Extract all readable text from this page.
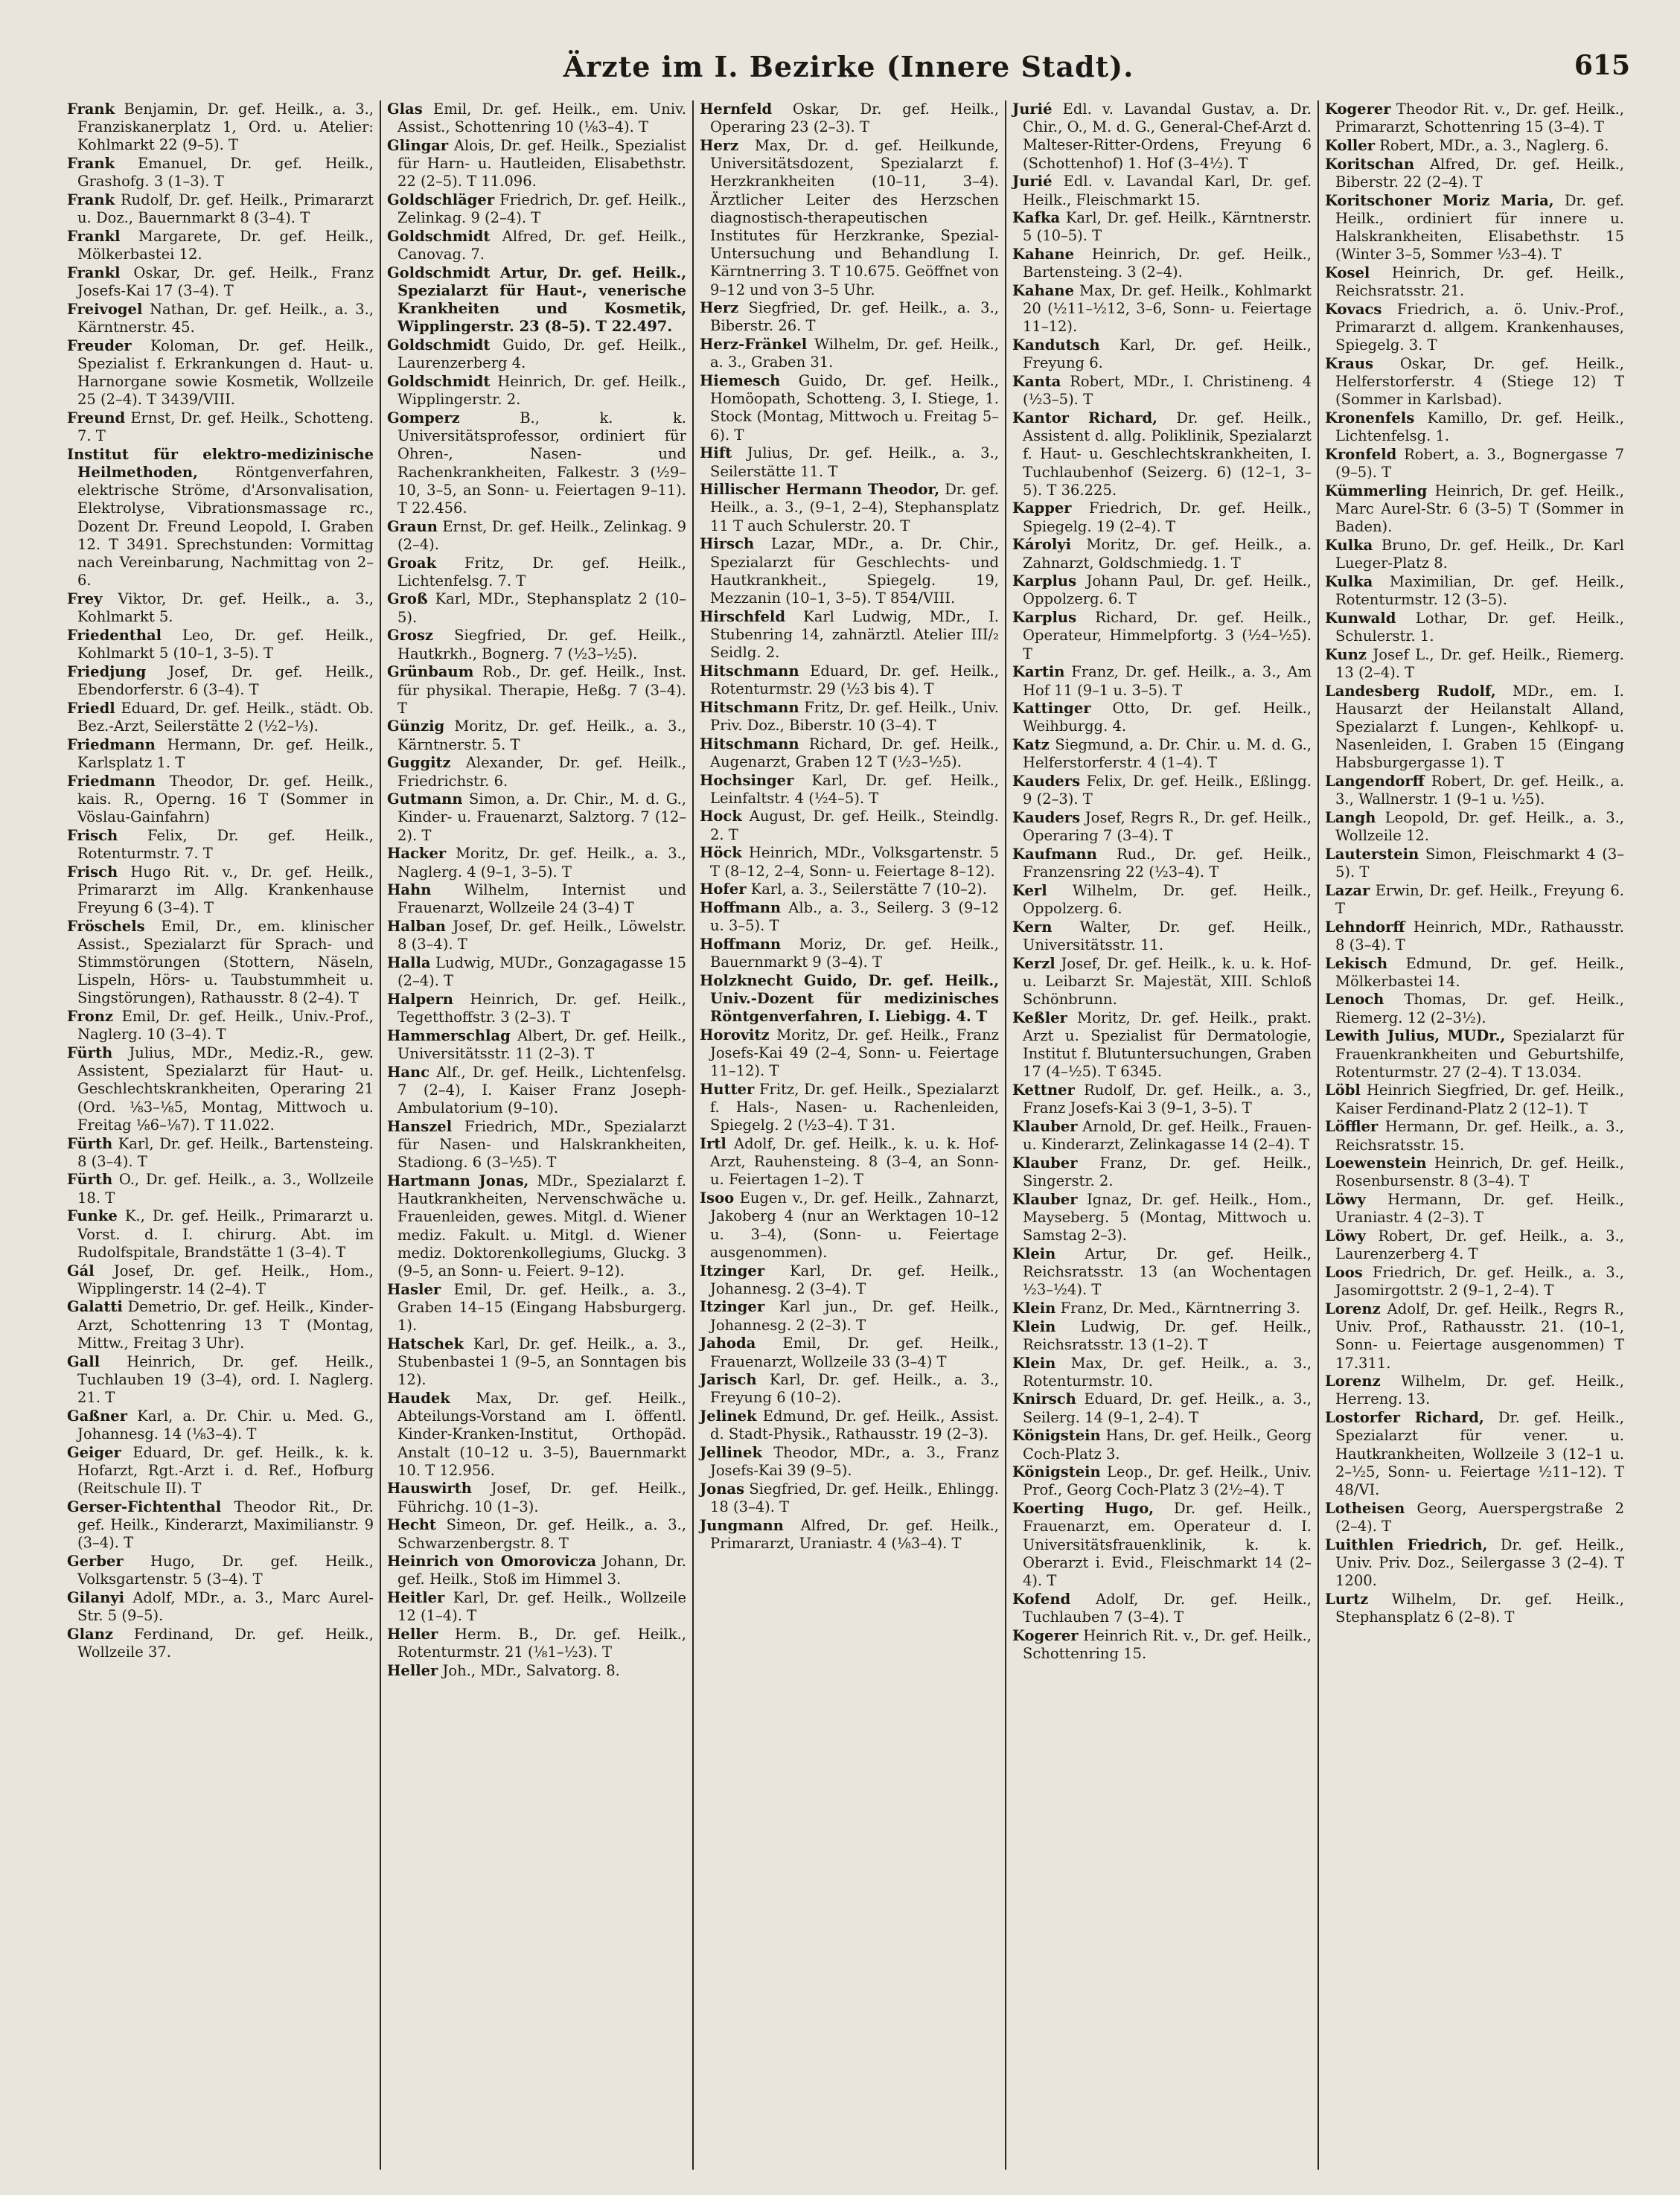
Ärzte im I. Bezirke (Innere Stadt).	615
Frank Benjamin, Dr. gef. Heilk., a. 3., Franziskanerplatz 1, Ord. u. Atelier: Kohlmarkt 22 (9–5). T
Frank Emanuel, Dr. gef. Heilk., Grashofg. 3 (1–3). T
Frank Rudolf, Dr. gef. Heilk., Primararzt u. Doz., Bauernmarkt 8 (3–4). T
Frankl Margarete, Dr. gef. Heilk., Mölkerbastei 12.
Frankl Oskar, Dr. gef. Heilk., Franz Josefs-Kai 17 (3–4). T
Freivogel Nathan, Dr. gef. Heilk., a. 3., Kärntnerstr. 45.
Freuder Koloman, Dr. gef. Heilk., Spezialist f. Erkrankungen d. Haut- u. Harnorgane sowie Kosmetik, Wollzeile 25 (2–4). T 3439/VIII.
Freund Ernst, Dr. gef. Heilk., Schotteng. 7. T
Institut für elektro-medizinische Heilmethoden,	Röntgenverfahren, elektrische Ströme, d'Arsonvalisation, Elektrolyse, Vibrationsmassage rc., Dozent Dr. Freund Leopold, I. Graben 12. T 3491. Sprechstunden: Vormittag nach Vereinbarung, Nachmittag von 2–6.
Frey Viktor, Dr. gef. Heilk., a. 3., Kohlmarkt 5.
Friedenthal Leo, Dr. gef. Heilk., Kohlmarkt 5 (10–1, 3–5). T
Friedjung Josef, Dr. gef. Heilk., Ebendorferstr. 6 (3–4). T
Friedl Eduard, Dr. gef. Heilk., städt. Ob. Bez.-Arzt, Seilerstätte 2 (½2–⅓).
Friedmann Hermann, Dr. gef. Heilk., Karlsplatz 1. T
Friedmann Theodor, Dr. gef. Heilk., kais. R., Operng. 16 T (Sommer in Vöslau-Gainfahrn)
Frisch Felix, Dr. gef. Heilk., Rotenturmstr. 7. T
Frisch Hugo Rit. v., Dr. gef. Heilk., Primararzt im Allg. Krankenhause Freyung 6 (3–4). T
Fröschels Emil, Dr., em. klinischer Assist., Spezialarzt für Sprach- und Stimmstörungen (Stottern, Näseln, Lispeln, Hörs- u. Taubstummheit u. Singstörungen), Rathausstr. 8 (2–4). T
Fronz Emil, Dr. gef. Heilk., Univ.-Prof., Naglerg. 10 (3–4). T
Fürth Julius, MDr., Mediz.-R., gew. Assistent, Spezialarzt für Haut- u. Geschlechtskrankheiten, Operaring 21 (Ord. ⅛3–⅛5, Montag, Mittwoch u. Freitag ⅛6–⅛7). T 11.022.
Fürth Karl, Dr. gef. Heilk., Bartensteing. 8 (3–4). T
Fürth O., Dr. gef. Heilk., a. 3., Wollzeile 18. T
Funke K., Dr. gef. Heilk., Primararzt u. Vorst. d. I. chirurg. Abt. im Rudolfspitale, Brandstätte 1 (3–4). T
Gál Josef, Dr. gef. Heilk., Hom., Wipplingerstr. 14 (2–4). T
Galatti Demetrio, Dr. gef. Heilk., Kinder-Arzt, Schottenring 13 T (Montag, Mittw., Freitag 3 Uhr).
Gall Heinrich, Dr. gef. Heilk., Tuchlauben 19 (3–4), ord. I. Naglerg. 21. T
Gaßner Karl, a. Dr. Chir. u. Med. G., Johannesg. 14 (⅛3–4). T
Geiger Eduard, Dr. gef. Heilk., k. k. Hofarzt, Rgt.-Arzt i. d. Ref., Hofburg (Reitschule II). T
Gerser-Fichtenthal Theodor Rit., Dr. gef. Heilk., Kinderarzt, Maximilianstr. 9 (3–4). T
Gerber Hugo, Dr. gef. Heilk., Volksgartenstr. 5 (3–4). T
Gilanyi Adolf, MDr., a. 3., Marc Aurel-Str. 5 (9–5).
Glanz Ferdinand, Dr. gef. Heilk., Wollzeile 37.
Glas Emil, Dr. gef. Heilk., em. Univ. Assist., Schottenring 10 (⅛3–4). T
Glingar Alois, Dr. gef. Heilk., Spezialist für Harn- u. Hautleiden, Elisabethstr. 22 (2–5). T 11.096.
Goldschläger Friedrich, Dr. gef. Heilk., Zelinkag. 9 (2–4). T
Goldschmidt Alfred, Dr. gef. Heilk., Canovag. 7.
Goldschmidt Artur, Dr. gef. Heilk., Spezialarzt für Haut-, venerische Krankheiten und Kosmetik, Wipplingerstr. 23 (8–5). T 22.497.
Goldschmidt Guido, Dr. gef. Heilk., Laurenzerberg 4.
Goldschmidt Heinrich, Dr. gef. Heilk., Wipplingerstr. 2.
Gomperz	B., k. k. Universitätsprofessor, ordiniert für Ohren-, Nasen- und Rachenkrankheiten, Falkestr. 3 (½9–10, 3–5, an Sonn- u. Feiertagen 9–11). T 22.456.
Graun Ernst, Dr. gef. Heilk., Zelinkag. 9 (2–4).
Groak Fritz, Dr. gef. Heilk., Lichtenfelsg. 7. T
Groß Karl, MDr., Stephansplatz 2 (10–5).
Grosz Siegfried, Dr. gef. Heilk., Hautkrkh., Bognerg. 7 (½3–½5).
Grünbaum Rob., Dr. gef. Heilk., Inst. für physikal. Therapie, Heßg. 7 (3–4). T
Günzig Moritz, Dr. gef. Heilk., a. 3., Kärntnerstr. 5. T
Guggitz Alexander, Dr. gef. Heilk., Friedrichstr. 6.
Gutmann Simon, a. Dr. Chir., M. d. G., Kinder- u. Frauenarzt, Salztorg. 7 (12–2). T
Hacker Moritz, Dr. gef. Heilk., a. 3., Naglerg. 4 (9–1, 3–5). T
Hahn Wilhelm, Internist und Frauenarzt, Wollzeile 24 (3–4) T
Halban Josef, Dr. gef. Heilk., Löwelstr. 8 (3–4). T
Halla Ludwig, MUDr., Gonzagagasse 15 (2–4). T
Halpern Heinrich, Dr. gef. Heilk., Tegetthoffstr. 3 (2–3). T
Hammerschlag Albert, Dr. gef. Heilk., Universitätsstr. 11 (2–3). T
Hanc Alf., Dr. gef. Heilk., Lichtenfelsg. 7 (2–4), I. Kaiser Franz Joseph-Ambulatorium (9–10).
Hanszel Friedrich, MDr., Spezialarzt für Nasen- und Halskrankheiten, Stadiong. 6 (3–½5). T
Hartmann Jonas, MDr., Spezialarzt f. Hautkrankheiten, Nervenschwäche u. Frauenleiden, gewes. Mitgl. d. Wiener mediz. Fakult. u. Mitgl. d. Wiener mediz. Doktorenkollegiums, Gluckg. 3 (9–5, an Sonn- u. Feiert. 9–12).
Hasler Emil, Dr. gef. Heilk., a. 3., Graben 14–15 (Eingang Habsburgerg. 1).
Hatschek Karl, Dr. gef. Heilk., a. 3., Stubenbastei 1 (9–5, an Sonntagen bis 12).
Haudek Max, Dr. gef. Heilk., Abteilungs-Vorstand am I. öffentl. Kinder-Kranken-Institut, Orthopäd. Anstalt (10–12 u. 3–5), Bauernmarkt 10. T 12.956.
Hauswirth Josef, Dr. gef. Heilk., Führichg. 10 (1–3).
Hecht Simeon, Dr. gef. Heilk., a. 3., Schwarzenbergstr. 8. T
Heinrich von Omorovicza Johann, Dr. gef. Heilk., Stoß im Himmel 3.
Heitler Karl, Dr. gef. Heilk., Wollzeile 12 (1–4). T
Heller Herm. B., Dr. gef. Heilk., Rotenturmstr. 21 (⅛1–½3). T
Heller Joh., MDr., Salvatorg. 8.
Hernfeld Oskar, Dr. gef. Heilk., Operaring 23 (2–3). T
Herz Max, Dr. d. gef. Heilkunde, Universitätsdozent, Spezialarzt f. Herzkrankheiten (10–11, 3–4). Ärztlicher Leiter des Herzschen diagnostisch-therapeutischen Institutes für Herzkranke, Spezial-Untersuchung und Behandlung I. Kärntnerring 3. T 10.675. Geöffnet von 9–12 und von 3–5 Uhr.
Herz Siegfried, Dr. gef. Heilk., a. 3., Biberstr. 26. T
Herz-Fränkel Wilhelm, Dr. gef. Heilk., a. 3., Graben 31.
Hiemesch Guido, Dr. gef. Heilk., Homöopath, Schotteng. 3, I. Stiege, 1. Stock (Montag, Mittwoch u. Freitag 5–6). T
Hift Julius, Dr. gef. Heilk., a. 3., Seilerstätte 11. T
Hillischer Hermann Theodor, Dr. gef. Heilk., a. 3., (9–1, 2–4), Stephansplatz 11 T auch Schulerstr. 20. T
Hirsch Lazar, MDr., a. Dr. Chir., Spezialarzt für Geschlechts- und Hautkrankheit., Spiegelg. 19, Mezzanin (10–1, 3–5). T 854/VIII.
Hirschfeld Karl Ludwig, MDr., I. Stubenring 14, zahnärztl. Atelier III/₂ Seidlg. 2.
Hitschmann Eduard, Dr. gef. Heilk., Rotenturmstr. 29 (½3 bis 4). T
Hitschmann Fritz, Dr. gef. Heilk., Univ. Priv. Doz., Biberstr. 10 (3–4). T
Hitschmann Richard, Dr. gef. Heilk., Augenarzt, Graben 12 T (½3–½5).
Hochsinger Karl, Dr. gef. Heilk., Leinfaltstr. 4 (½4–5). T
Hock August, Dr. gef. Heilk., Steindlg. 2. T
Höck Heinrich, MDr., Volksgartenstr. 5 T (8–12, 2–4, Sonn- u. Feiertage 8–12).
Hofer Karl, a. 3., Seilerstätte 7 (10–2).
Hoffmann Alb., a. 3., Seilerg. 3 (9–12 u. 3–5). T
Hoffmann Moriz, Dr. gef. Heilk., Bauernmarkt 9 (3–4). T
Holzknecht Guido, Dr. gef. Heilk., Univ.-Dozent für medizinisches Röntgenverfahren, I. Liebigg. 4. T
Horovitz Moritz, Dr. gef. Heilk., Franz Josefs-Kai 49 (2–4, Sonn- u. Feiertage 11–12). T
Hutter Fritz, Dr. gef. Heilk., Spezialarzt f. Hals-, Nasen- u. Rachenleiden, Spiegelg. 2 (½3–4). T 31.
Irtl Adolf, Dr. gef. Heilk., k. u. k. Hof-Arzt, Rauhensteing. 8 (3–4, an Sonn- u. Feiertagen 1–2). T
Isoo Eugen v., Dr. gef. Heilk., Zahnarzt, Jakoberg 4 (nur an Werktagen 10–12 u. 3–4), (Sonn- u. Feiertage ausgenommen).
Itzinger Karl, Dr. gef. Heilk., Johannesg. 2 (3–4). T
Itzinger Karl jun., Dr. gef. Heilk., Johannesg. 2 (2–3). T
Jahoda Emil, Dr. gef. Heilk., Frauenarzt, Wollzeile 33 (3–4) T
Jarisch Karl, Dr. gef. Heilk., a. 3., Freyung 6 (10–2).
Jelinek Edmund, Dr. gef. Heilk., Assist. d. Stadt-Physik., Rathausstr. 19 (2–3).
Jellinek Theodor, MDr., a. 3., Franz Josefs-Kai 39 (9–5).
Jonas Siegfried, Dr. gef. Heilk., Ehlingg. 18 (3–4). T
Jungmann Alfred, Dr. gef. Heilk., Primararzt, Uraniastr. 4 (⅛3–4). T
Jurié Edl. v. Lavandal Gustav, a. Dr. Chir., O., M. d. G., General-Chef-Arzt d. Malteser-Ritter-Ordens, Freyung 6 (Schottenhof) 1. Hof (3–4½). T
Jurié Edl. v. Lavandal Karl, Dr. gef. Heilk., Fleischmarkt 15.
Kafka Karl, Dr. gef. Heilk., Kärntnerstr. 5 (10–5). T
Kahane Heinrich, Dr. gef. Heilk., Bartensteing. 3 (2–4).
Kahane Max, Dr. gef. Heilk., Kohlmarkt 20 (½11–½12, 3–6, Sonn- u. Feiertage 11–12).
Kandutsch Karl, Dr. gef. Heilk., Freyung 6.
Kanta Robert, MDr., I. Christineng. 4 (½3–5). T
Kantor Richard, Dr. gef. Heilk., Assistent d. allg. Poliklinik, Spezialarzt f. Haut- u. Geschlechtskrankheiten, I. Tuchlaubenhof (Seizerg. 6) (12–1, 3–5). T 36.225.
Kapper Friedrich, Dr. gef. Heilk., Spiegelg. 19 (2–4). T
Károlyi Moritz, Dr. gef. Heilk., a. Zahnarzt, Goldschmiedg. 1. T
Karplus Johann Paul, Dr. gef. Heilk., Oppolzerg. 6. T
Karplus Richard, Dr. gef. Heilk., Operateur, Himmelpfortg. 3 (½4–½5). T
Kartin Franz, Dr. gef. Heilk., a. 3., Am Hof 11 (9–1 u. 3–5). T
Kattinger Otto, Dr. gef. Heilk., Weihburgg. 4.
Katz Siegmund, a. Dr. Chir. u. M. d. G., Helferstorferstr. 4 (1–4). T
Kauders Felix, Dr. gef. Heilk., Eßlingg. 9 (2–3). T
Kauders Josef, Regrs R., Dr. gef. Heilk., Operaring 7 (3–4). T
Kaufmann Rud., Dr. gef. Heilk., Franzensring 22 (½3–4). T
Kerl Wilhelm, Dr. gef. Heilk., Oppolzerg. 6.
Kern Walter, Dr. gef. Heilk., Universitätsstr. 11.
Kerzl Josef, Dr. gef. Heilk., k. u. k. Hof- u. Leibarzt Sr. Majestät, XIII. Schloß Schönbrunn.
Keßler Moritz, Dr. gef. Heilk., prakt. Arzt u. Spezialist für Dermatologie, Institut f. Blutuntersuchungen, Graben 17 (4–½5). T 6345.
Kettner Rudolf, Dr. gef. Heilk., a. 3., Franz Josefs-Kai 3 (9–1, 3–5). T
Klauber Arnold, Dr. gef. Heilk., Frauen- u. Kinderarzt, Zelinkagasse 14 (2–4). T
Klauber Franz, Dr. gef. Heilk., Singerstr. 2.
Klauber Ignaz, Dr. gef. Heilk., Hom., Mayseberg. 5 (Montag, Mittwoch u. Samstag 2–3).
Klein Artur, Dr. gef. Heilk., Reichsratsstr. 13 (an Wochentagen ½3–½4). T
Klein Franz, Dr. Med., Kärntnerring 3.
Klein Ludwig, Dr. gef. Heilk., Reichsratsstr. 13 (1–2). T
Klein Max, Dr. gef. Heilk., a. 3., Rotenturmstr. 10.
Knirsch Eduard, Dr. gef. Heilk., a. 3., Seilerg. 14 (9–1, 2–4). T
Königstein Hans, Dr. gef. Heilk., Georg Coch-Platz 3.
Königstein Leop., Dr. gef. Heilk., Univ. Prof., Georg Coch-Platz 3 (2½–4). T
Koerting Hugo, Dr. gef. Heilk., Frauenarzt, em. Operateur d. I. Universitätsfrauenklinik, k. k. Oberarzt i. Evid., Fleischmarkt 14 (2–4). T
Kofend Adolf, Dr. gef. Heilk., Tuchlauben 7 (3–4). T
Kogerer Heinrich Rit. v., Dr. gef. Heilk., Schottenring 15.
Kogerer Theodor Rit. v., Dr. gef. Heilk., Primararzt, Schottenring 15 (3–4). T
Koller Robert, MDr., a. 3., Naglerg. 6.
Koritschan Alfred, Dr. gef. Heilk., Biberstr. 22 (2–4). T
Koritschoner Moriz Maria, Dr. gef. Heilk., ordiniert für innere u. Halskrankheiten, Elisabethstr. 15 (Winter 3–5, Sommer ½3–4). T
Kosel Heinrich, Dr. gef. Heilk., Reichsratsstr. 21.
Kovacs Friedrich, a. ö. Univ.-Prof., Primararzt d. allgem. Krankenhauses, Spiegelg. 3. T
Kraus Oskar, Dr. gef. Heilk., Helferstorferstr. 4 (Stiege 12) T (Sommer in Karlsbad).
Kronenfels Kamillo, Dr. gef. Heilk., Lichtenfelsg. 1.
Kronfeld Robert, a. 3., Bognergasse 7 (9–5). T
Kümmerling Heinrich, Dr. gef. Heilk., Marc Aurel-Str. 6 (3–5) T (Sommer in Baden).
Kulka Bruno, Dr. gef. Heilk., Dr. Karl Lueger-Platz 8.
Kulka Maximilian, Dr. gef. Heilk., Rotenturmstr. 12 (3–5).
Kunwald Lothar, Dr. gef. Heilk., Schulerstr. 1.
Kunz Josef L., Dr. gef. Heilk., Riemerg. 13 (2–4). T
Landesberg Rudolf, MDr., em. I. Hausarzt der Heilanstalt Alland, Spezialarzt f. Lungen-, Kehlkopf- u. Nasenleiden, I. Graben 15 (Eingang Habsburgergasse 1). T
Langendorff Robert, Dr. gef. Heilk., a. 3., Wallnerstr. 1 (9–1 u. ½5).
Langh Leopold, Dr. gef. Heilk., a. 3., Wollzeile 12.
Lauterstein Simon, Fleischmarkt 4 (3–5). T
Lazar Erwin, Dr. gef. Heilk., Freyung 6. T
Lehndorff Heinrich, MDr., Rathausstr. 8 (3–4). T
Lekisch Edmund, Dr. gef. Heilk., Mölkerbastei 14.
Lenoch Thomas, Dr. gef. Heilk., Riemerg. 12 (2–3½).
Lewith Julius, MUDr., Spezialarzt für Frauenkrankheiten und Geburtshilfe, Rotenturmstr. 27 (2–4). T 13.034.
Löbl Heinrich Siegfried, Dr. gef. Heilk., Kaiser Ferdinand-Platz 2 (12–1). T
Löffler Hermann, Dr. gef. Heilk., a. 3., Reichsratsstr. 15.
Loewenstein Heinrich, Dr. gef. Heilk., Rosenbursenstr. 8 (3–4). T
Löwy Hermann, Dr. gef. Heilk., Uraniastr. 4 (2–3). T
Löwy Robert, Dr. gef. Heilk., a. 3., Laurenzerberg 4. T
Loos Friedrich, Dr. gef. Heilk., a. 3., Jasomirgottstr. 2 (9–1, 2–4). T
Lorenz Adolf, Dr. gef. Heilk., Regrs R., Univ. Prof., Rathausstr. 21. (10–1, Sonn- u. Feiertage ausgenommen) T 17.311.
Lorenz Wilhelm, Dr. gef. Heilk., Herreng. 13.
Lostorfer Richard, Dr. gef. Heilk., Spezialarzt für vener. u. Hautkrankheiten, Wollzeile 3 (12–1 u. 2–½5, Sonn- u. Feiertage ½11–12). T 48/VI.
Lotheisen Georg, Auerspergstraße 2 (2–4). T
Luithlen Friedrich, Dr. gef. Heilk., Univ. Priv. Doz., Seilergasse 3 (2–4). T 1200.
Lurtz Wilhelm, Dr. gef. Heilk., Stephansplatz 6 (2–8). T
